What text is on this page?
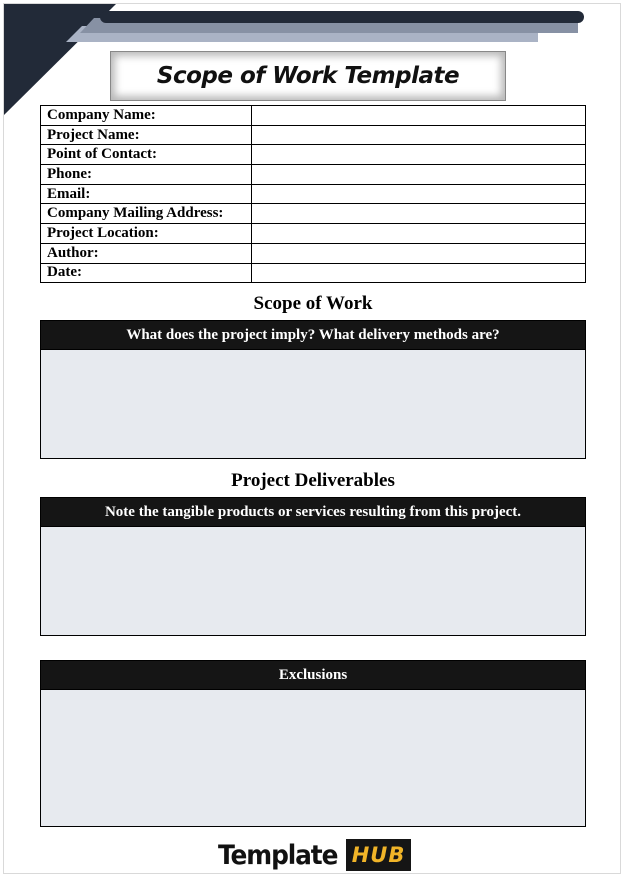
Scope of Work Template
Company Name:	
Project Name:	
Point of Contact:	
Phone:	
Email:	
Company Mailing Address:	
Project Location:	
Author:	
Date:	
Scope of Work
What does the project imply? What delivery methods are?
Project Deliverables
Note the tangible products or services resulting from this project.
Exclusions
Template HUB
